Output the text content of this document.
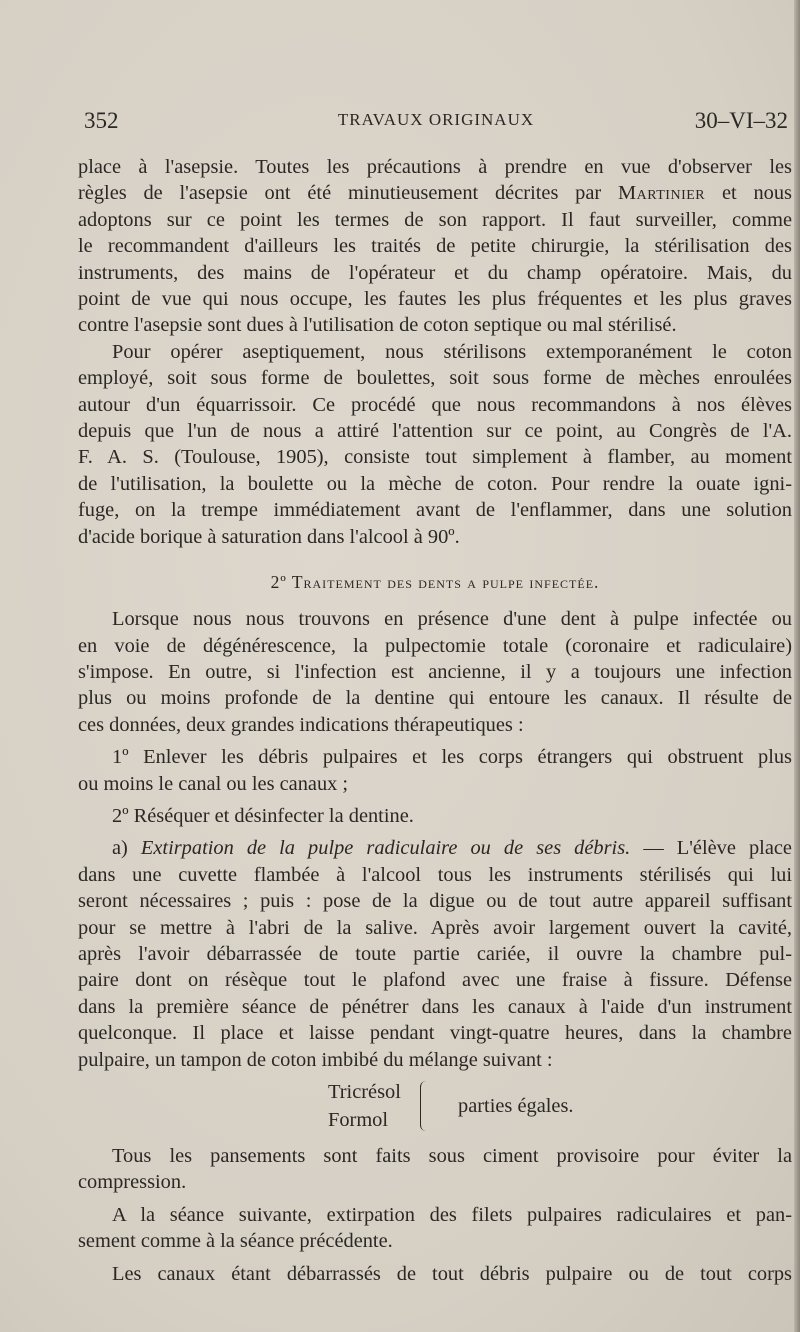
352	TRAVAUX ORIGINAUX	30–VI–32
place à l'asepsie. Toutes les précautions à prendre en vue d'observer les
règles de l'asepsie ont été minutieusement décrites par Martinier et nous
adoptons sur ce point les termes de son rapport. Il faut surveiller, comme
le recommandent d'ailleurs les traités de petite chirurgie, la stérilisation des
instruments, des mains de l'opérateur et du champ opératoire. Mais, du
point de vue qui nous occupe, les fautes les plus fréquentes et les plus graves
contre l'asepsie sont dues à l'utilisation de coton septique ou mal stérilisé.
Pour opérer aseptiquement, nous stérilisons extemporanément le coton
employé, soit sous forme de boulettes, soit sous forme de mèches enroulées
autour d'un équarrissoir. Ce procédé que nous recommandons à nos élèves
depuis que l'un de nous a attiré l'attention sur ce point, au Congrès de l'A.
F. A. S. (Toulouse, 1905), consiste tout simplement à flamber, au moment
de l'utilisation, la boulette ou la mèche de coton. Pour rendre la ouate igni-
fuge, on la trempe immédiatement avant de l'enflammer, dans une solution
d'acide borique à saturation dans l'alcool à 90º.
2º Traitement des dents a pulpe infectée.
Lorsque nous nous trouvons en présence d'une dent à pulpe infectée ou
en voie de dégénérescence, la pulpectomie totale (coronaire et radiculaire)
s'impose. En outre, si l'infection est ancienne, il y a toujours une infection
plus ou moins profonde de la dentine qui entoure les canaux. Il résulte de
ces données, deux grandes indications thérapeutiques :
1º Enlever les débris pulpaires et les corps étrangers qui obstruent plus
ou moins le canal ou les canaux ;
2º Réséquer et désinfecter la dentine.
a) Extirpation de la pulpe radiculaire ou de ses débris. — L'élève place
dans une cuvette flambée à l'alcool tous les instruments stérilisés qui lui
seront nécessaires ; puis : pose de la digue ou de tout autre appareil suffisant
pour se mettre à l'abri de la salive. Après avoir largement ouvert la cavité,
après l'avoir débarrassée de toute partie cariée, il ouvre la chambre pul-
paire dont on résèque tout le plafond avec une fraise à fissure. Défense
dans la première séance de pénétrer dans les canaux à l'aide d'un instrument
quelconque. Il place et laisse pendant vingt-quatre heures, dans la chambre
pulpaire, un tampon de coton imbibé du mélange suivant :
Tricrésol
Formol
parties égales.
Tous les pansements sont faits sous ciment provisoire pour éviter la
compression.
A la séance suivante, extirpation des filets pulpaires radiculaires et pan-
sement comme à la séance précédente.
Les canaux étant débarrassés de tout débris pulpaire ou de tout corps
